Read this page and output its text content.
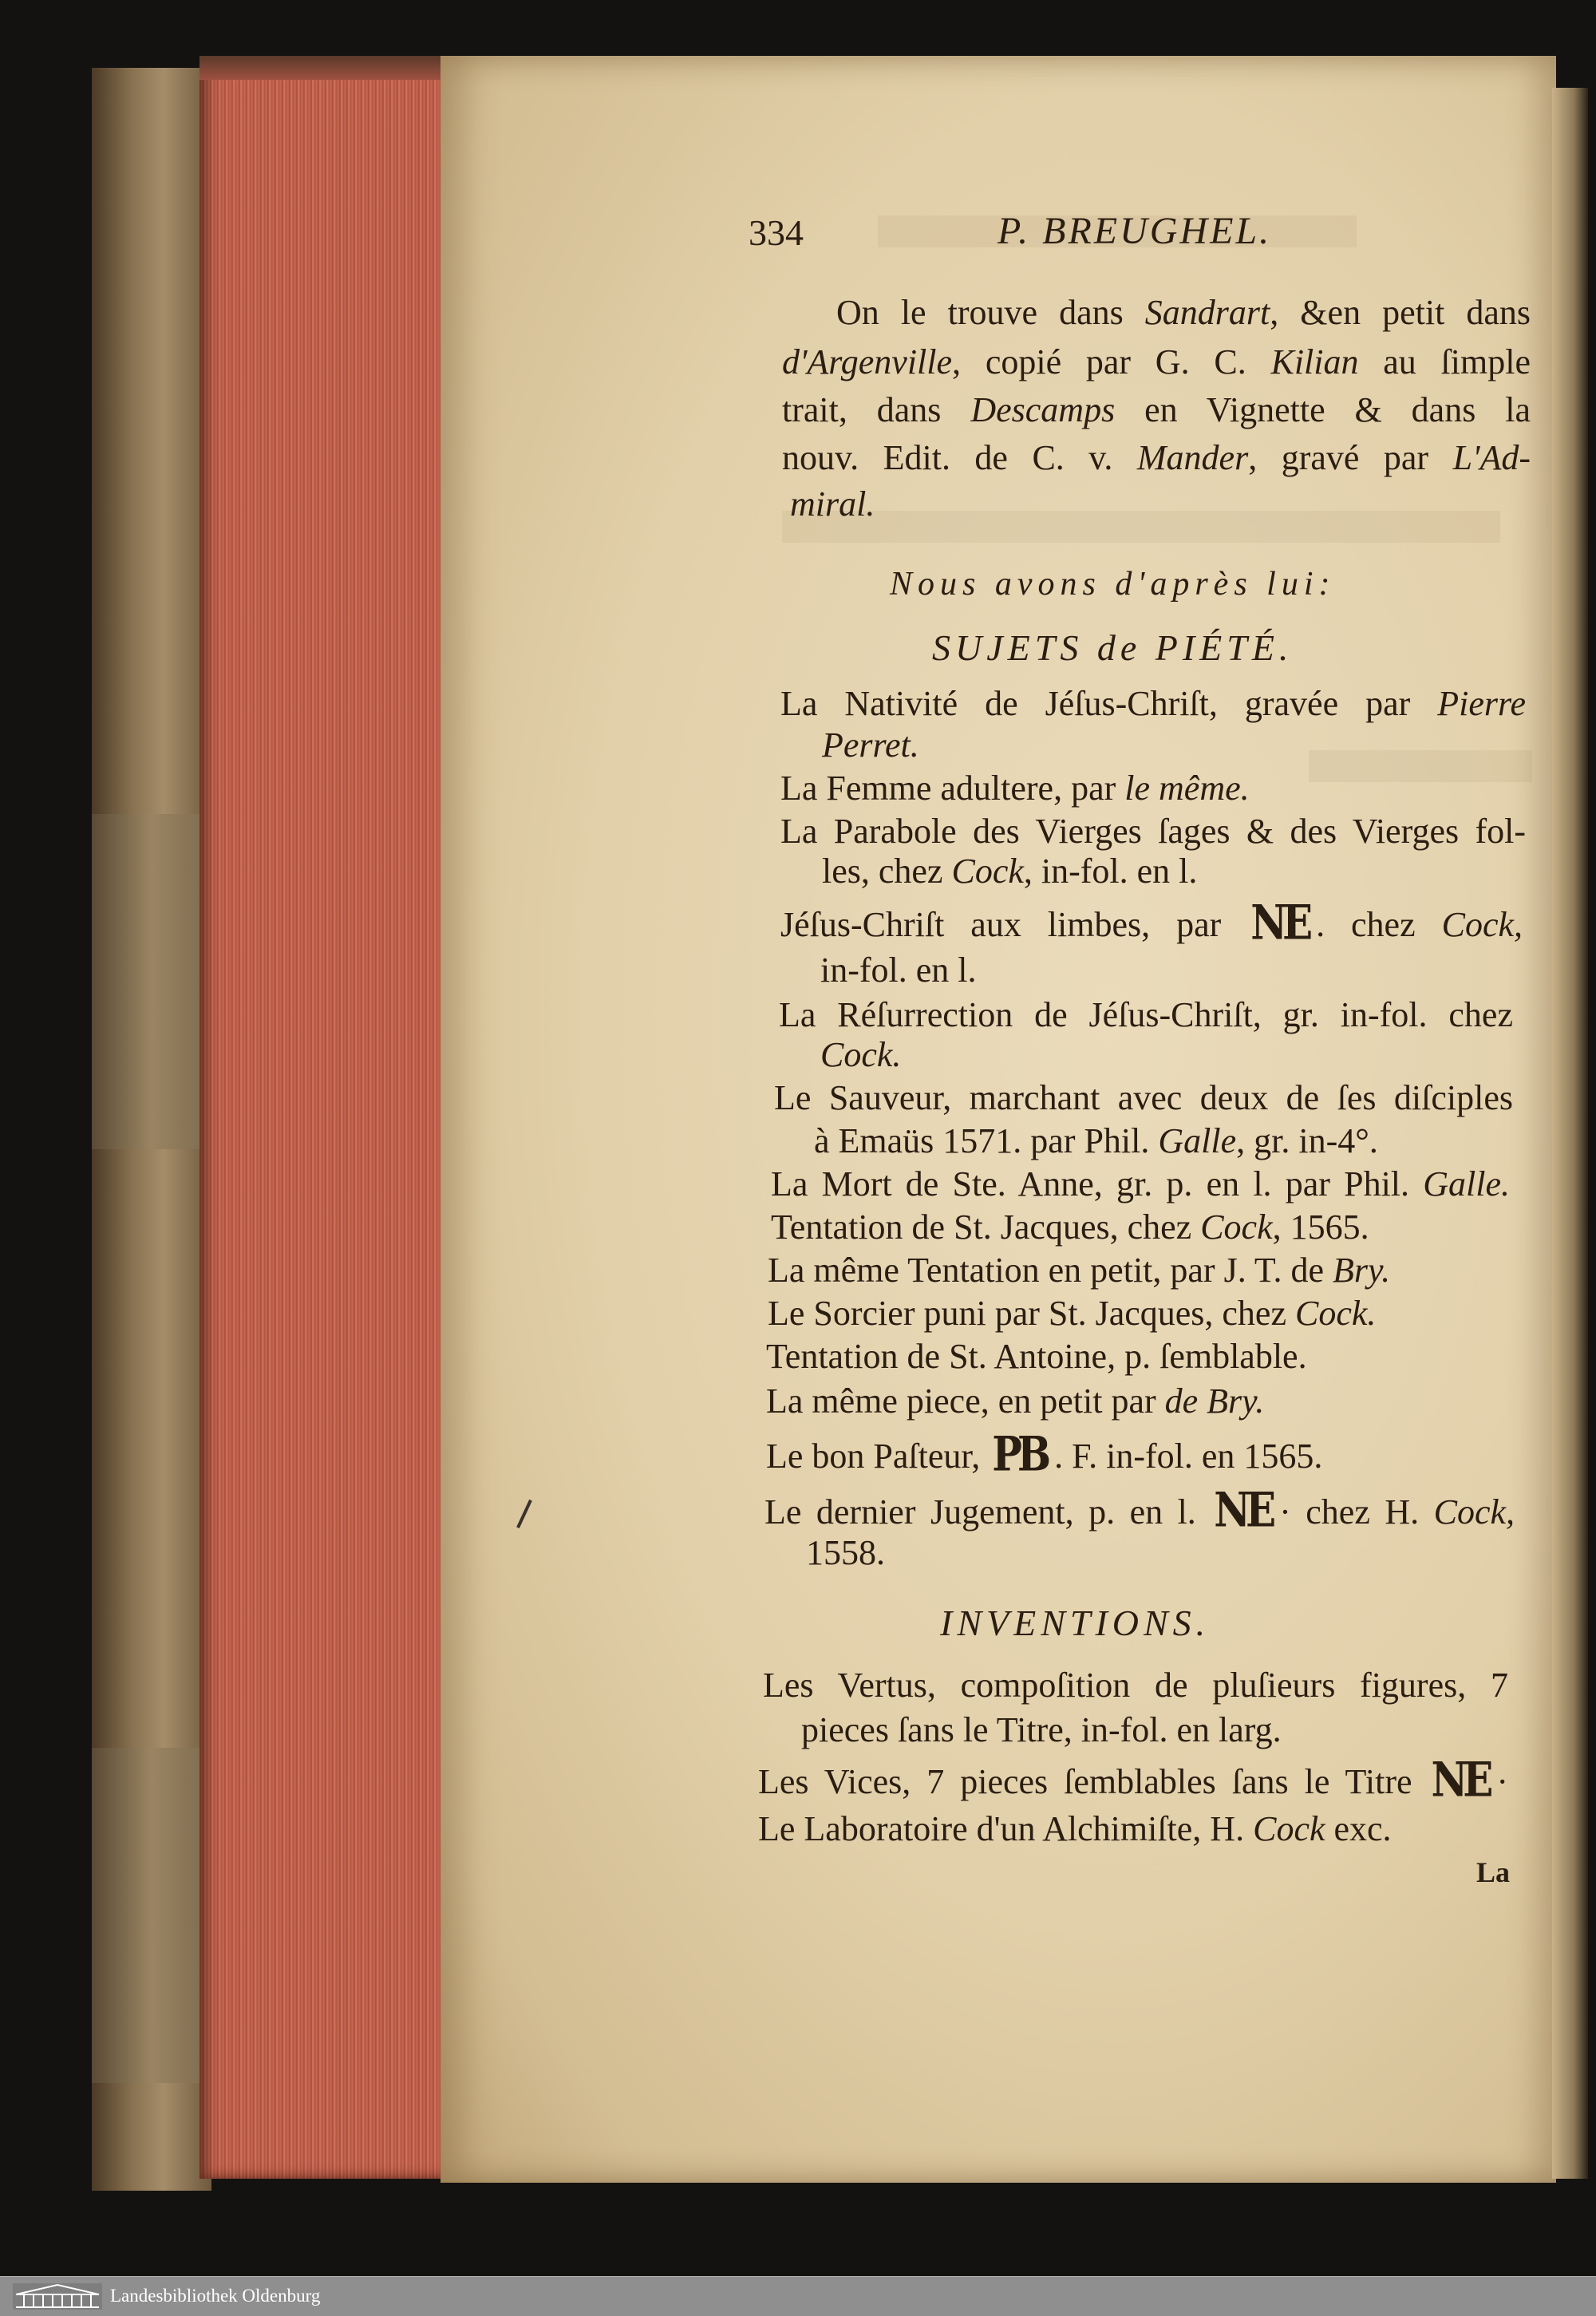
334	P. BREUGHEL.
On le trouve dans Sandrart, &en petit dans
d'Argenville, copié par G. C. Kilian au ſimple
trait, dans Descamps en Vignette & dans la
nouv. Edit. de C. v. Mander, gravé par L'Ad-
miral.
Nous avons d'après lui:
SUJETS de PIÉTÉ.
La Nativité de Jéſus-Chriſt, gravée par Pierre
Perret.
La Femme adultere, par le même.
La Parabole des Vierges ſages & des Vierges fol-
les, chez Cock, in-fol. en l.
Jéſus-Chriſt aux limbes, par NE . chez Cock,
in-fol. en l.
La Réſurrection de Jéſus-Chriſt, gr. in-fol. chez
Cock.
Le Sauveur, marchant avec deux de ſes diſciples
à Emaüs 1571. par Phil. Galle, gr. in-4°.
La Mort de Ste. Anne, gr. p. en l. par Phil. Galle.
Tentation de St. Jacques, chez Cock, 1565.
La même Tentation en petit, par J. T. de Bry.
Le Sorcier puni par St. Jacques, chez Cock.
Tentation de St. Antoine, p. ſemblable.
La même piece, en petit par de Bry.
Le bon Paſteur, PB . F. in-fol. en 1565.
Le dernier Jugement, p. en l. NE · chez H. Cock,
1558.
INVENTIONS.
Les Vertus, compoſition de pluſieurs figures, 7
pieces ſans le Titre, in-fol. en larg.
Les Vices, 7 pieces ſemblables ſans le Titre NE ·
Le Laboratoire d'un Alchimiſte, H. Cock exc.
La
Landesbibliothek Oldenburg
